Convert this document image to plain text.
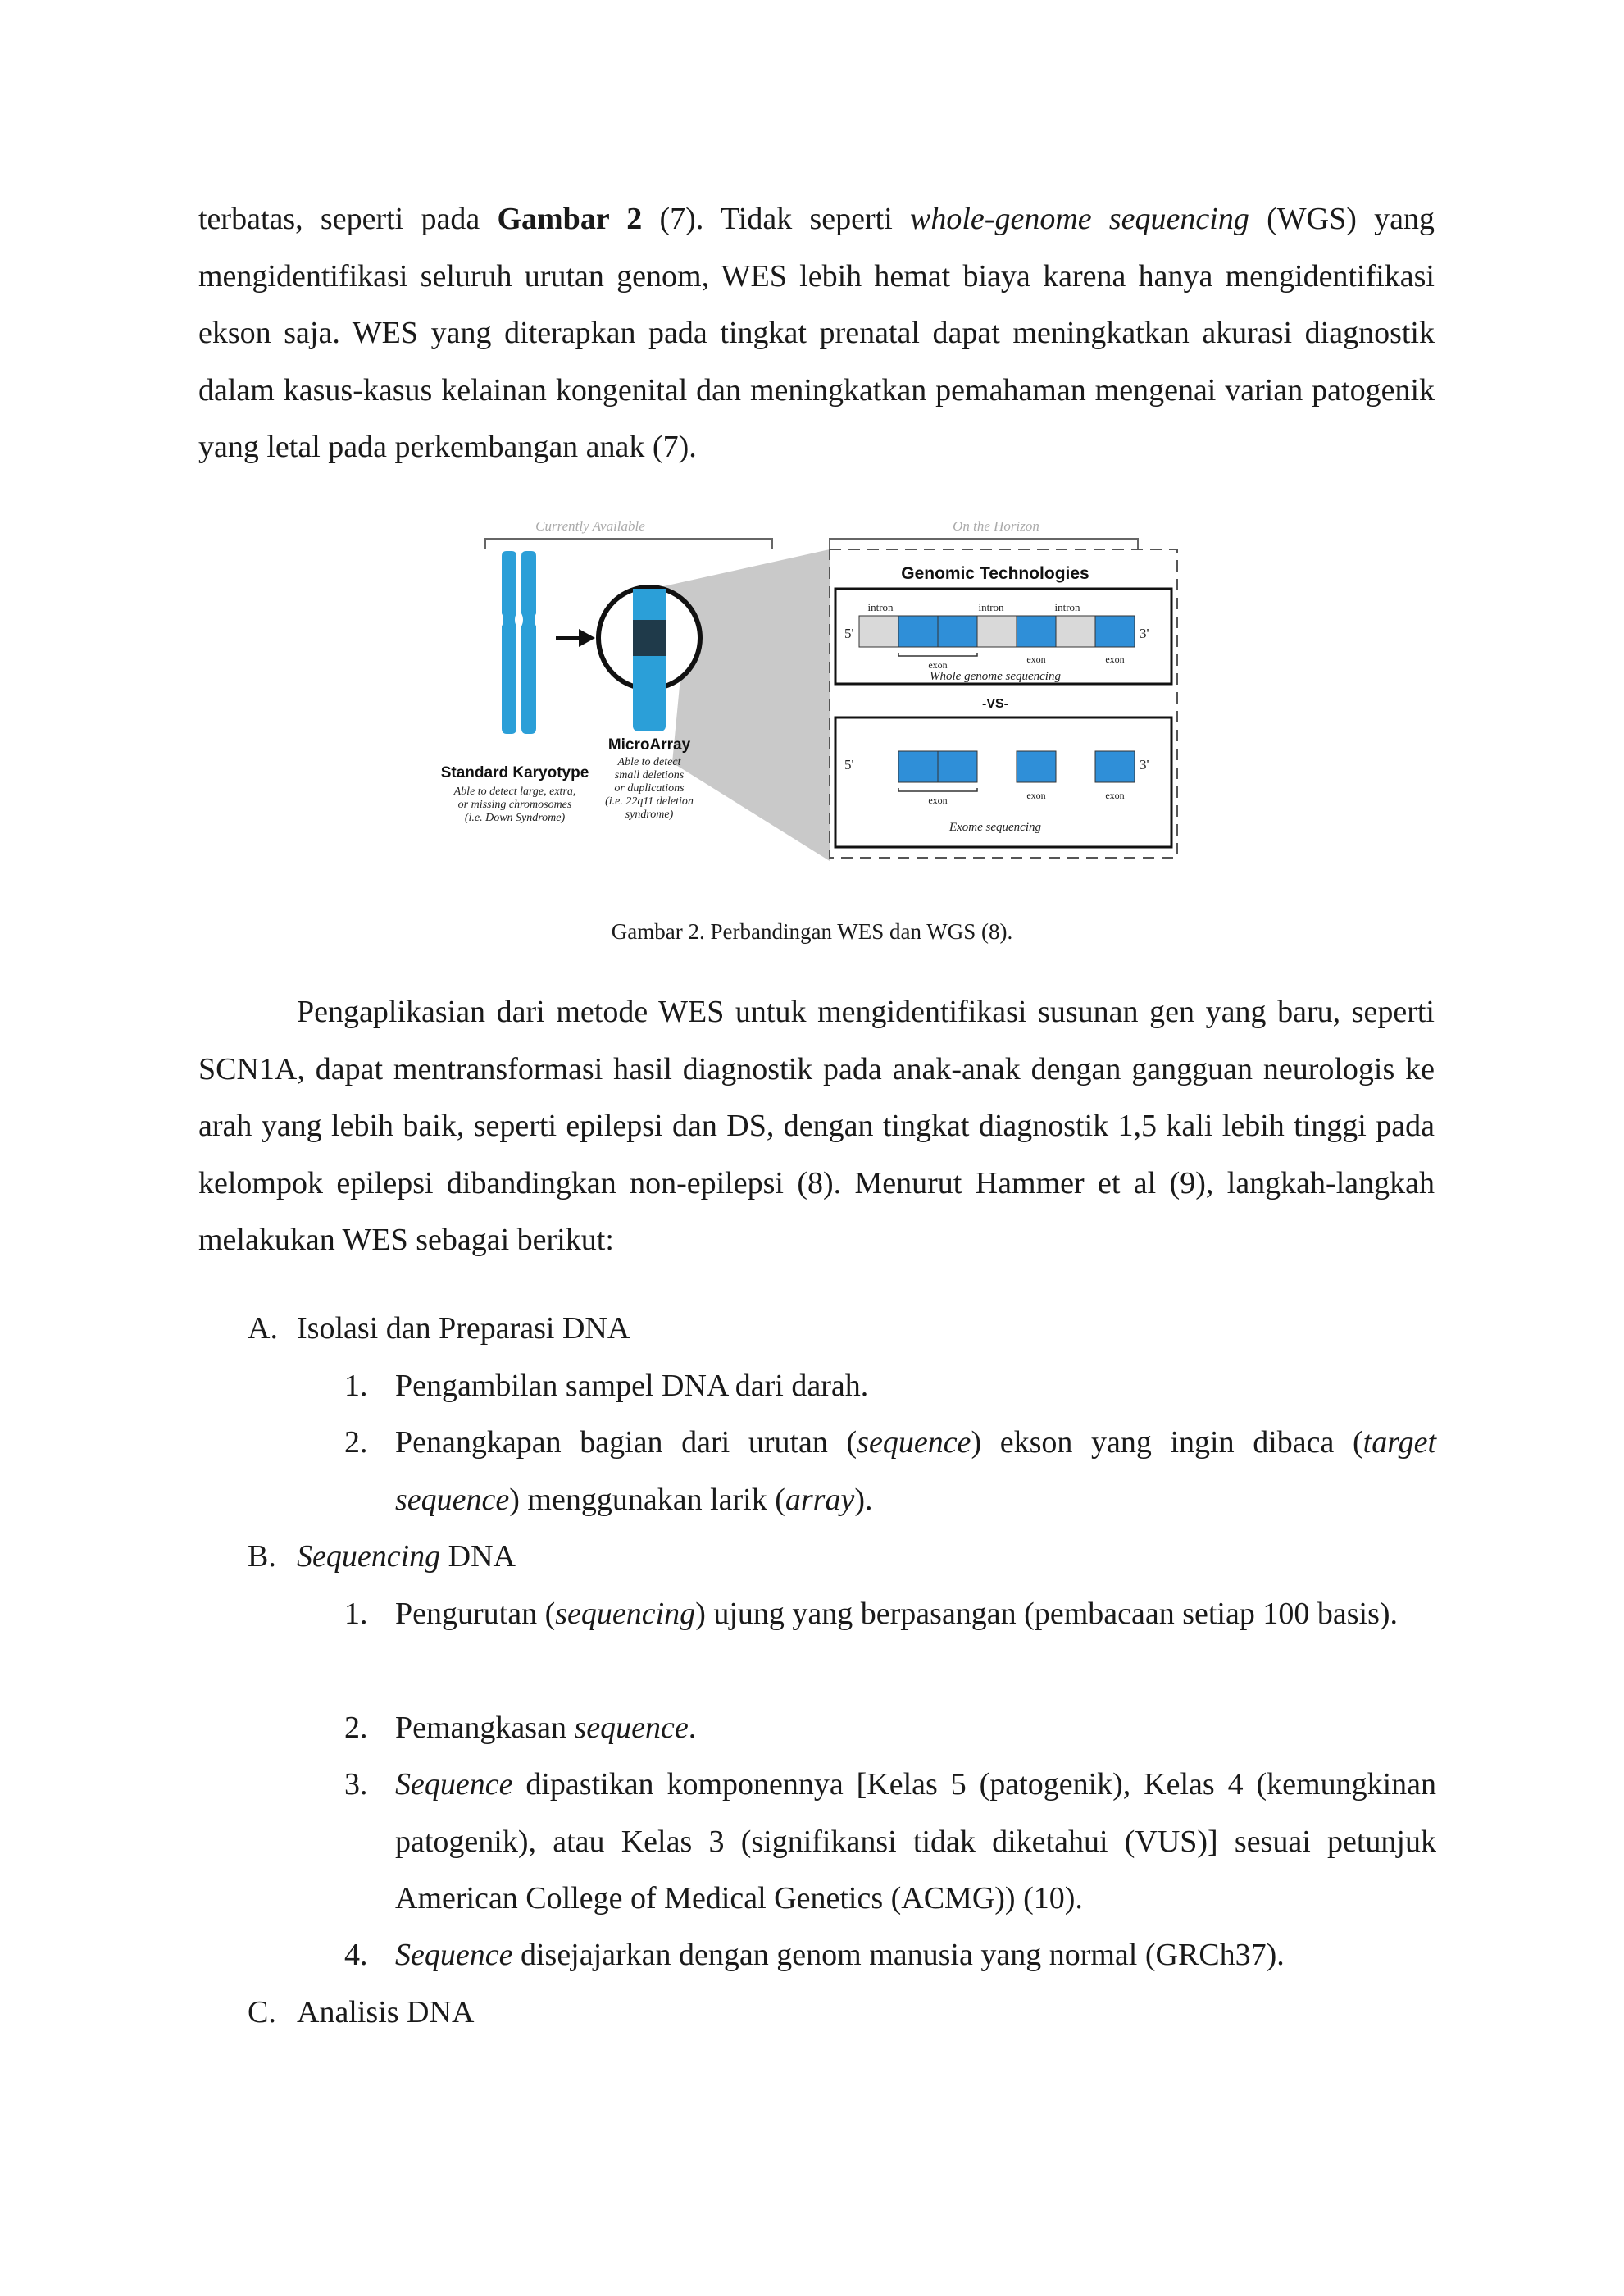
terbatas, seperti pada Gambar 2 (7). Tidak seperti whole-genome sequencing (WGS) yang mengidentifikasi seluruh urutan genom, WES lebih hemat biaya karena hanya mengidentifikasi ekson saja. WES yang diterapkan pada tingkat prenatal dapat meningkatkan akurasi diagnostik dalam kasus-kasus kelainan kongenital dan meningkatkan pemahaman mengenai varian patogenik yang letal pada perkembangan anak (7).

Currently Available	On the Horizon
Standard Karyotype
Able to detect large, extra,
or missing chromosomes
(i.e. Down Syndrome)
MicroArray
Able to detect
small deletions
or duplications
(i.e. 22q11 deletion
syndrome)
Genomic Technologies
intron	intron	intron
5'	3'
exon	exon	exon
Whole genome sequencing
-VS-
5'	3'
exon	exon	exon
Exome sequencing
Gambar 2. Perbandingan WES dan WGS (8).

Pengaplikasian dari metode WES untuk mengidentifikasi susunan gen yang baru, seperti SCN1A, dapat mentransformasi hasil diagnostik pada anak-anak dengan gangguan neurologis ke arah yang lebih baik, seperti epilepsi dan DS, dengan tingkat diagnostik 1,5 kali lebih tinggi pada kelompok epilepsi dibandingkan non-epilepsi (8). Menurut Hammer et al (9), langkah-langkah melakukan WES sebagai berikut:

A. Isolasi dan Preparasi DNA
1. Pengambilan sampel DNA dari darah.
2. Penangkapan bagian dari urutan (sequence) ekson yang ingin dibaca (target sequence) menggunakan larik (array).
B. Sequencing DNA
1. Pengurutan (sequencing) ujung yang berpasangan (pembacaan setiap 100 basis).
2. Pemangkasan sequence.
3. Sequence dipastikan komponennya [Kelas 5 (patogenik), Kelas 4 (kemungkinan patogenik), atau Kelas 3 (signifikansi tidak diketahui (VUS)] sesuai petunjuk American College of Medical Genetics (ACMG)) (10).
4. Sequence disejajarkan dengan genom manusia yang normal (GRCh37).
C. Analisis DNA
